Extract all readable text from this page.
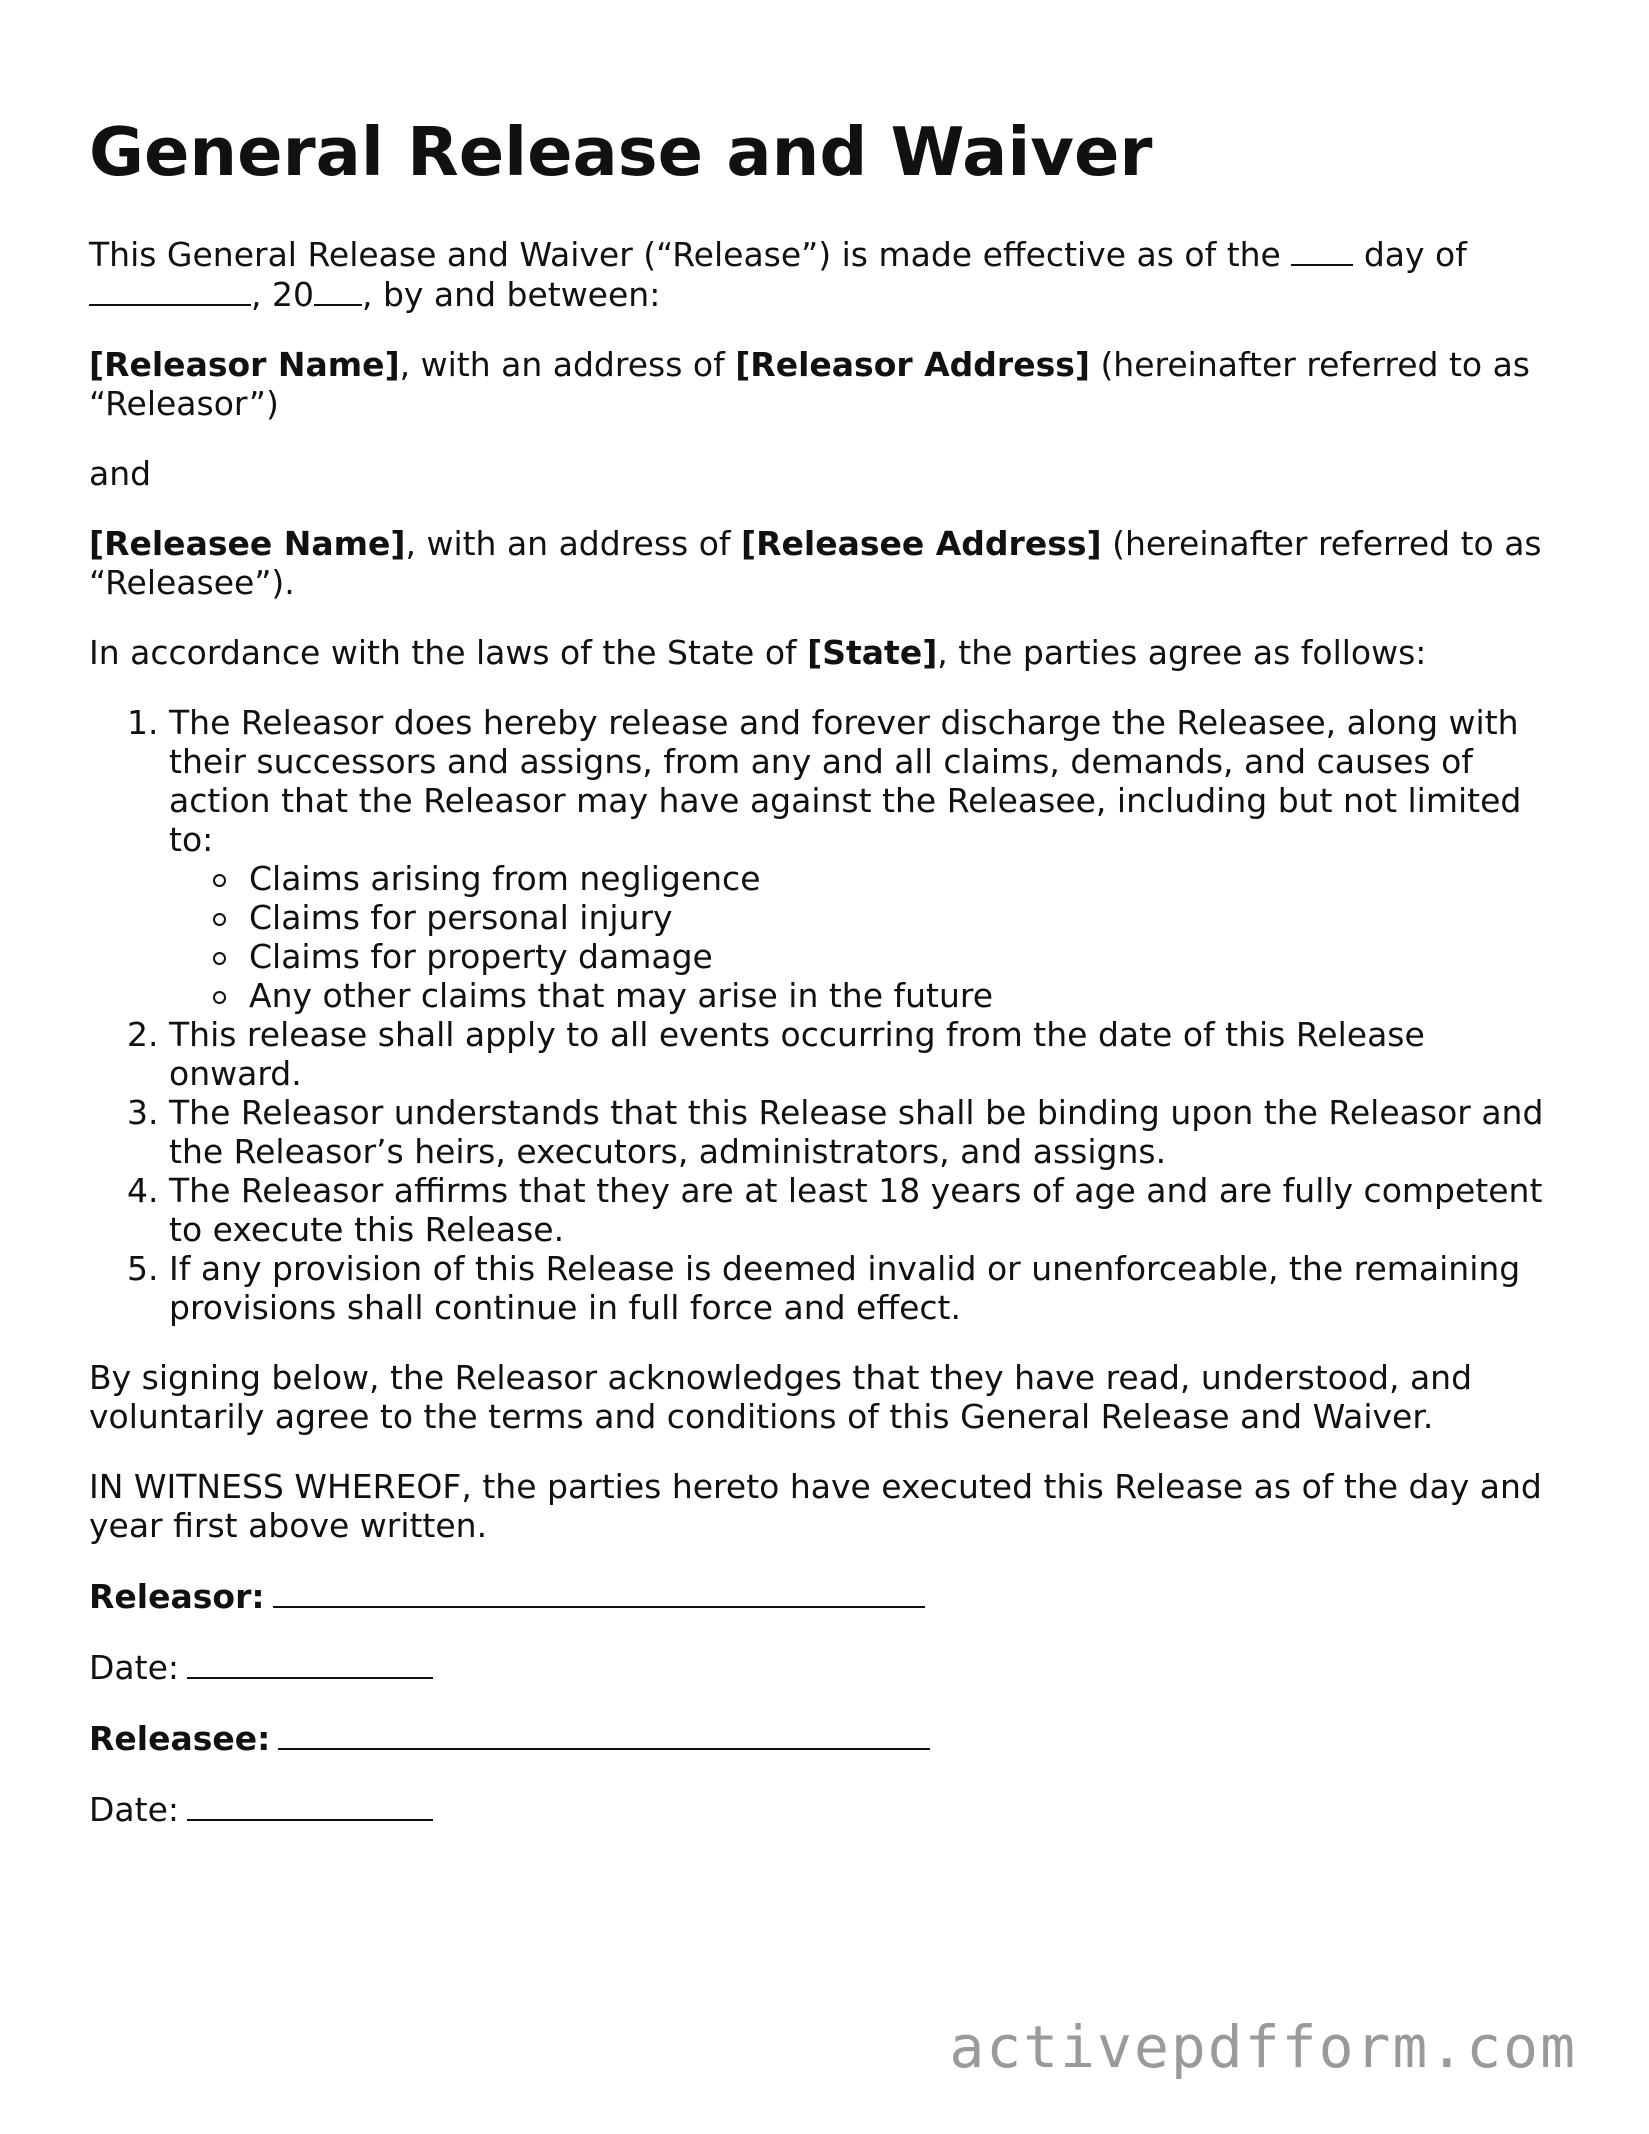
General Release and Waiver

This General Release and Waiver (“Release”) is made effective as of the	day of , 20 , by and between:

[Releasor Name], with an address of [Releasor Address] (hereinafter referred to as “Releasor”)

and

[Releasee Name], with an address of [Releasee Address] (hereinafter referred to as “Releasee”).

In accordance with the laws of the State of [State], the parties agree as follows:

1. The Releasor does hereby release and forever discharge the Releasee, along with their successors and assigns, from any and all claims, demands, and causes of action that the Releasor may have against the Releasee, including but not limited to:
Claims arising from negligence
Claims for personal injury
Claims for property damage
Any other claims that may arise in the future
2. This release shall apply to all events occurring from the date of this Release onward.
3. The Releasor understands that this Release shall be binding upon the Releasor and the Releasor’s heirs, executors, administrators, and assigns.
4. The Releasor affirms that they are at least 18 years of age and are fully competent to execute this Release.
5. If any provision of this Release is deemed invalid or unenforceable, the remaining provisions shall continue in full force and effect.

By signing below, the Releasor acknowledges that they have read, understood, and voluntarily agree to the terms and conditions of this General Release and Waiver.

IN WITNESS WHEREOF, the parties hereto have executed this Release as of the day and year first above written.

Releasor:
Date:
Releasee:
Date:
activepdfform.com
